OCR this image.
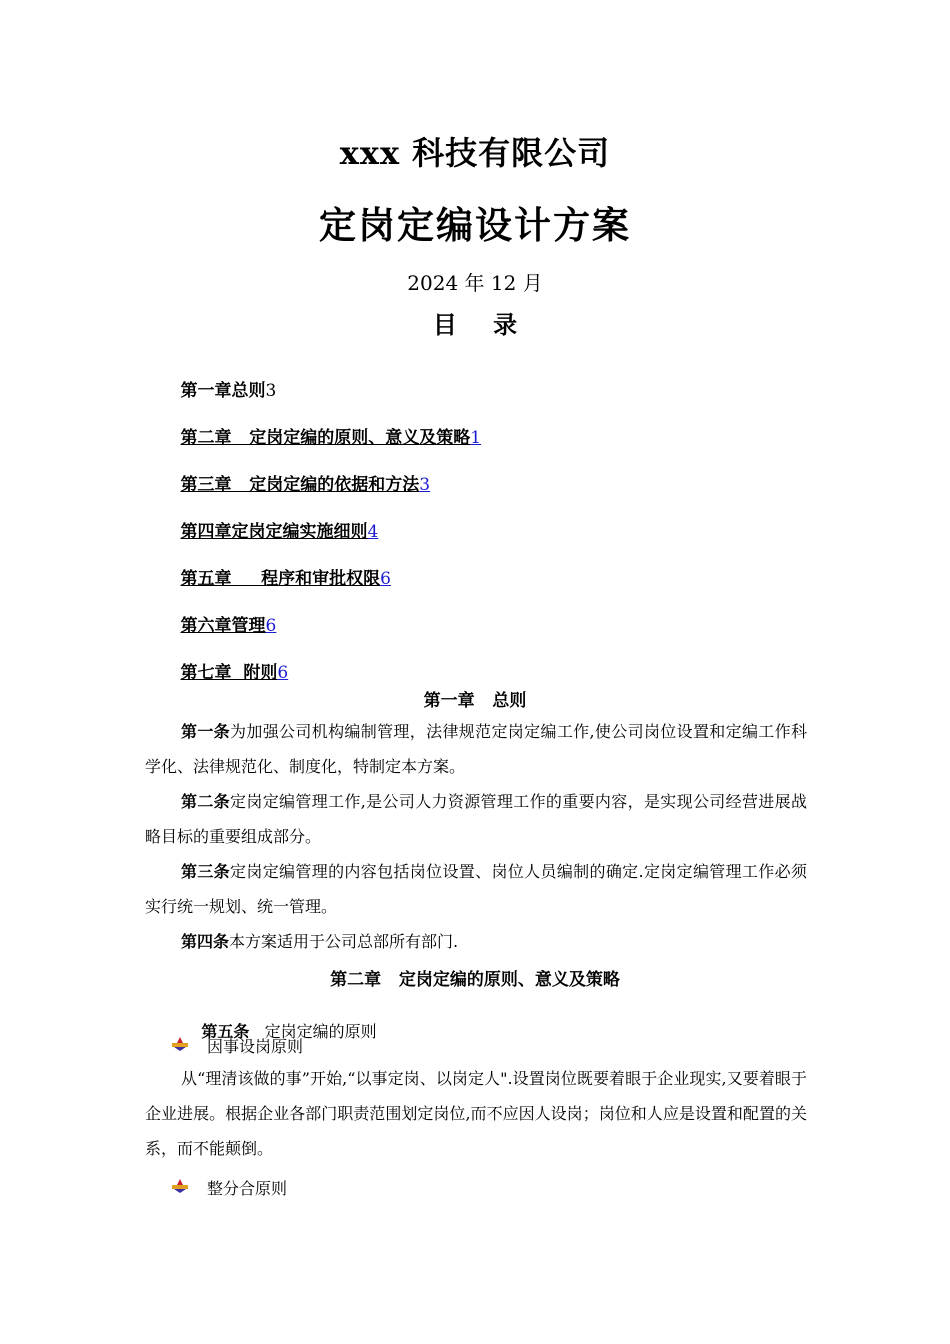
xxx 科技有限公司
定岗定编设计方案
2024 年 12 月
目 录

第一章总则3

第二章   定岗定编的原则、意义及策略1

第三章   定岗定编的依据和方法3

第四章定岗定编实施细则4

第五章     程序和审批权限6

第六章管理6

第七章  附则6

第一章   总则
第一条为加强公司机构编制管理，法律规范定岗定编工作,使公司岗位设置和定编工作科学化、法律规范化、制度化，特制定本方案。
第二条定岗定编管理工作,是公司人力资源管理工作的重要内容，是实现公司经营进展战略目标的重要组成部分。
第三条定岗定编管理的内容包括岗位设置、岗位人员编制的确定.定岗定编管理工作必须实行统一规划、统一管理。
第四条本方案适用于公司总部所有部门.
第二章   定岗定编的原则、意义及策略

第五条   定岗定编的原则

因事设岗原则
从“理清该做的事”开始,“以事定岗、以岗定人".设置岗位既要着眼于企业现实,又要着眼于企业进展。根据企业各部门职责范围划定岗位,而不应因人设岗；岗位和人应是设置和配置的关系，而不能颠倒。
整分合原则
